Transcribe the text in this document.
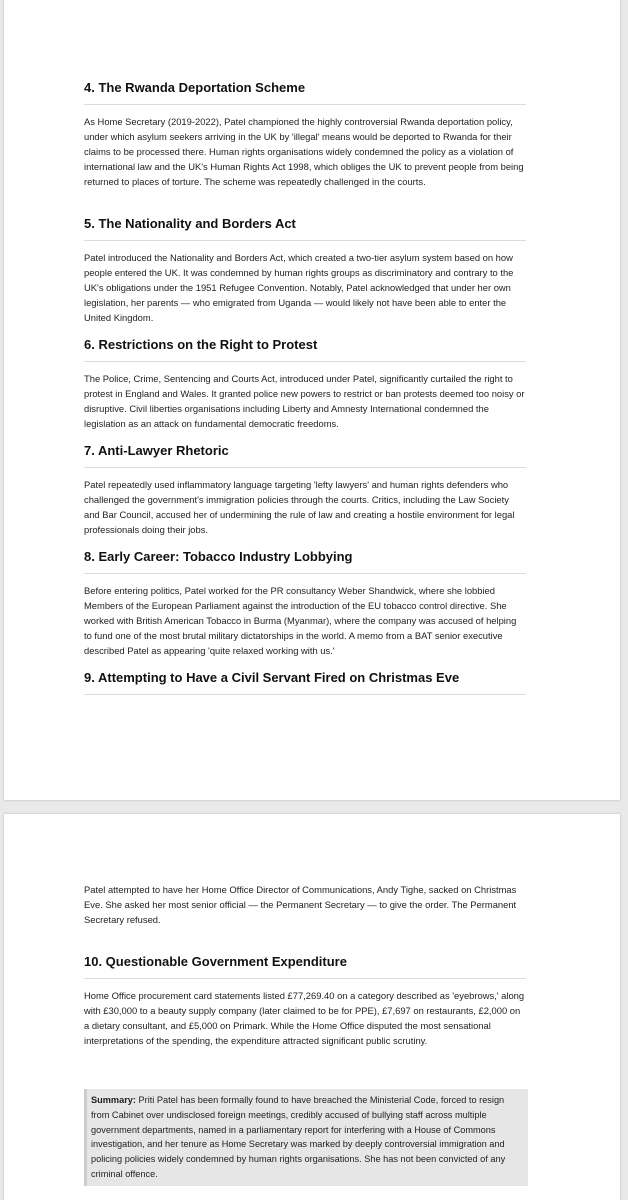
4. The Rwanda Deportation Scheme

As Home Secretary (2019-2022), Patel championed the highly controversial Rwanda deportation policy, under which asylum seekers arriving in the UK by 'illegal' means would be deported to Rwanda for their claims to be processed there. Human rights organisations widely condemned the policy as a violation of international law and the UK's Human Rights Act 1998, which obliges the UK to prevent people from being returned to places of torture. The scheme was repeatedly challenged in the courts.

5. The Nationality and Borders Act

Patel introduced the Nationality and Borders Act, which created a two-tier asylum system based on how people entered the UK. It was condemned by human rights groups as discriminatory and contrary to the UK's obligations under the 1951 Refugee Convention. Notably, Patel acknowledged that under her own legislation, her parents — who emigrated from Uganda — would likely not have been able to enter the United Kingdom.

6. Restrictions on the Right to Protest

The Police, Crime, Sentencing and Courts Act, introduced under Patel, significantly curtailed the right to protest in England and Wales. It granted police new powers to restrict or ban protests deemed too noisy or disruptive. Civil liberties organisations including Liberty and Amnesty International condemned the legislation as an attack on fundamental democratic freedoms.

7. Anti-Lawyer Rhetoric

Patel repeatedly used inflammatory language targeting 'lefty lawyers' and human rights defenders who challenged the government's immigration policies through the courts. Critics, including the Law Society and Bar Council, accused her of undermining the rule of law and creating a hostile environment for legal professionals doing their jobs.

8. Early Career: Tobacco Industry Lobbying

Before entering politics, Patel worked for the PR consultancy Weber Shandwick, where she lobbied Members of the European Parliament against the introduction of the EU tobacco control directive. She worked with British American Tobacco in Burma (Myanmar), where the company was accused of helping to fund one of the most brutal military dictatorships in the world. A memo from a BAT senior executive described Patel as appearing 'quite relaxed working with us.'

9. Attempting to Have a Civil Servant Fired on Christmas Eve

Patel attempted to have her Home Office Director of Communications, Andy Tighe, sacked on Christmas Eve. She asked her most senior official — the Permanent Secretary — to give the order. The Permanent Secretary refused.

10. Questionable Government Expenditure

Home Office procurement card statements listed £77,269.40 on a category described as 'eyebrows,' along with £30,000 to a beauty supply company (later claimed to be for PPE), £7,697 on restaurants, £2,000 on a dietary consultant, and £5,000 on Primark. While the Home Office disputed the most sensational interpretations of the spending, the expenditure attracted significant public scrutiny.

Summary: Priti Patel has been formally found to have breached the Ministerial Code, forced to resign from Cabinet over undisclosed foreign meetings, credibly accused of bullying staff across multiple government departments, named in a parliamentary report for interfering with a House of Commons investigation, and her tenure as Home Secretary was marked by deeply controversial immigration and policing policies widely condemned by human rights organisations. She has not been convicted of any criminal offence.
